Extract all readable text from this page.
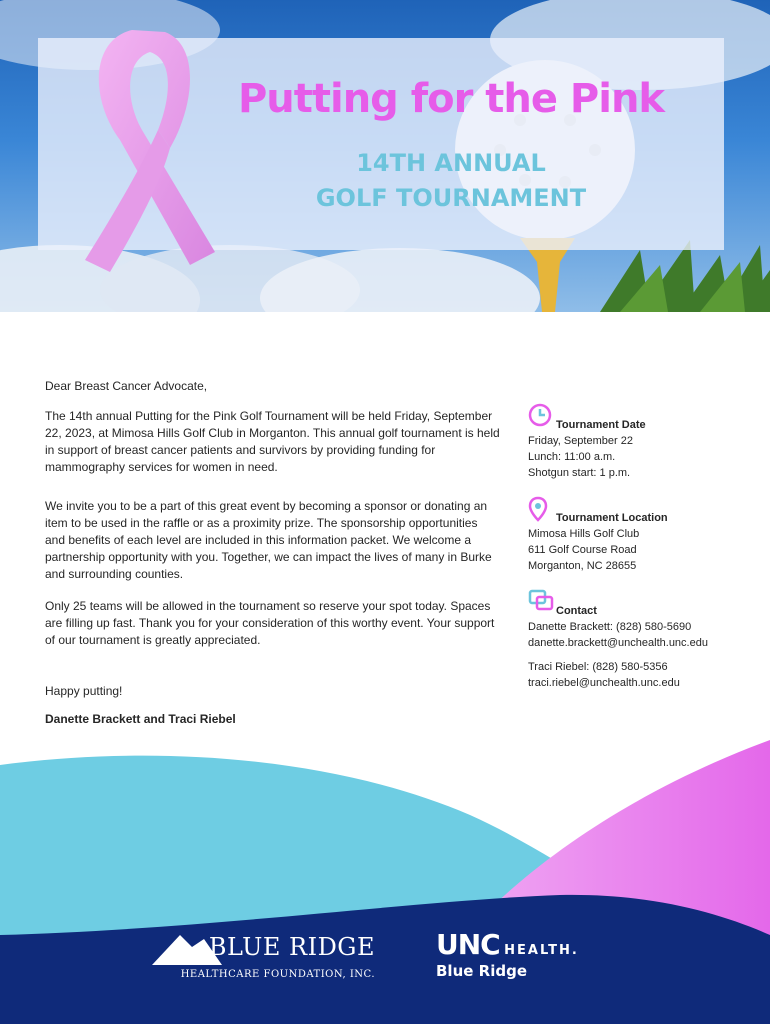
Putting for the Pink
14TH ANNUAL
GOLF TOURNAMENT

Dear Breast Cancer Advocate,

The 14th annual Putting for the Pink Golf Tournament will be held Friday, September 22, 2023, at Mimosa Hills Golf Club in Morganton. This annual golf tournament is held in support of breast cancer patients and survivors by providing funding for mammography services for women in need.

We invite you to be a part of this great event by becoming a sponsor or donating an item to be used in the raffle or as a proximity prize. The sponsorship opportunities and benefits of each level are included in this information packet. We welcome a partnership opportunity with you. Together, we can impact the lives of many in Burke and surrounding counties.

Only 25 teams will be allowed in the tournament so reserve your spot today. Spaces are filling up fast. Thank you for your consideration of this worthy event. Your support of our tournament is greatly appreciated.

Happy putting!

Danette Brackett and Traci Riebel

Tournament Date
Friday, September 22
Lunch: 11:00 a.m.
Shotgun start: 1 p.m.
Tournament Location
Mimosa Hills Golf Club
611 Golf Course Road
Morganton, NC 28655
Contact
Danette Brackett: (828) 580-5690
danette.brackett@unchealth.unc.edu
Traci Riebel: (828) 580-5356
traci.riebel@unchealth.unc.edu
BLUE RIDGE
HEALTHCARE FOUNDATION, INC.
UNC HEALTH.
Blue Ridge
